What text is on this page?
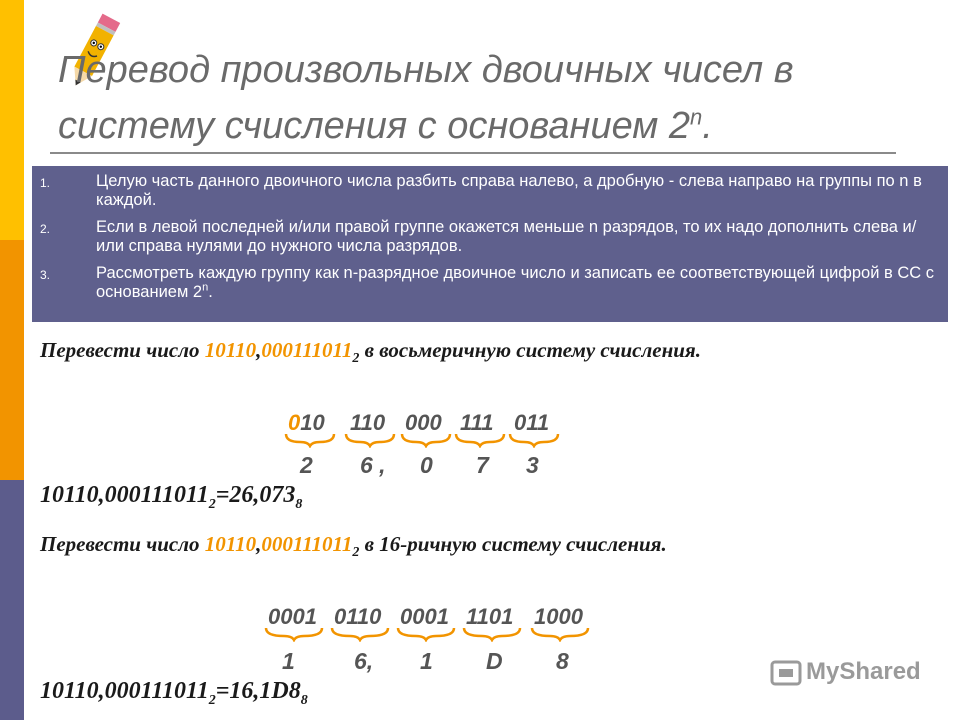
Перевод произвольных двоичных чисел в
систему счисления с основанием 2$^n$.
1.	Целую часть данного двоичного числа разбить справа налево, а дробную - слева направо на группы по n в каждой.
2.	Если в левой последней и/или правой группе окажется меньше n разрядов, то их надо дополнить слева и/или справа нулями до нужного числа разрядов.
3.	Рассмотреть каждую группу как n-разрядное двоичное число и записать ее соответствующей цифрой в СС с основанием 2$^n$.
Перевести число $10110,000111011_2$ в восьмеричную систему счисления.
010 110 000 111 011
2 6 , 0 7 3
$10110,000111011_2=26,073_8$
Перевести число $10110,000111011_2$ в 16-ричную систему счисления.
0001 0110 0001 1101 1000
1	6, 1 D 8
$10110,000111011_2=16,1D8_8$
MyShared
